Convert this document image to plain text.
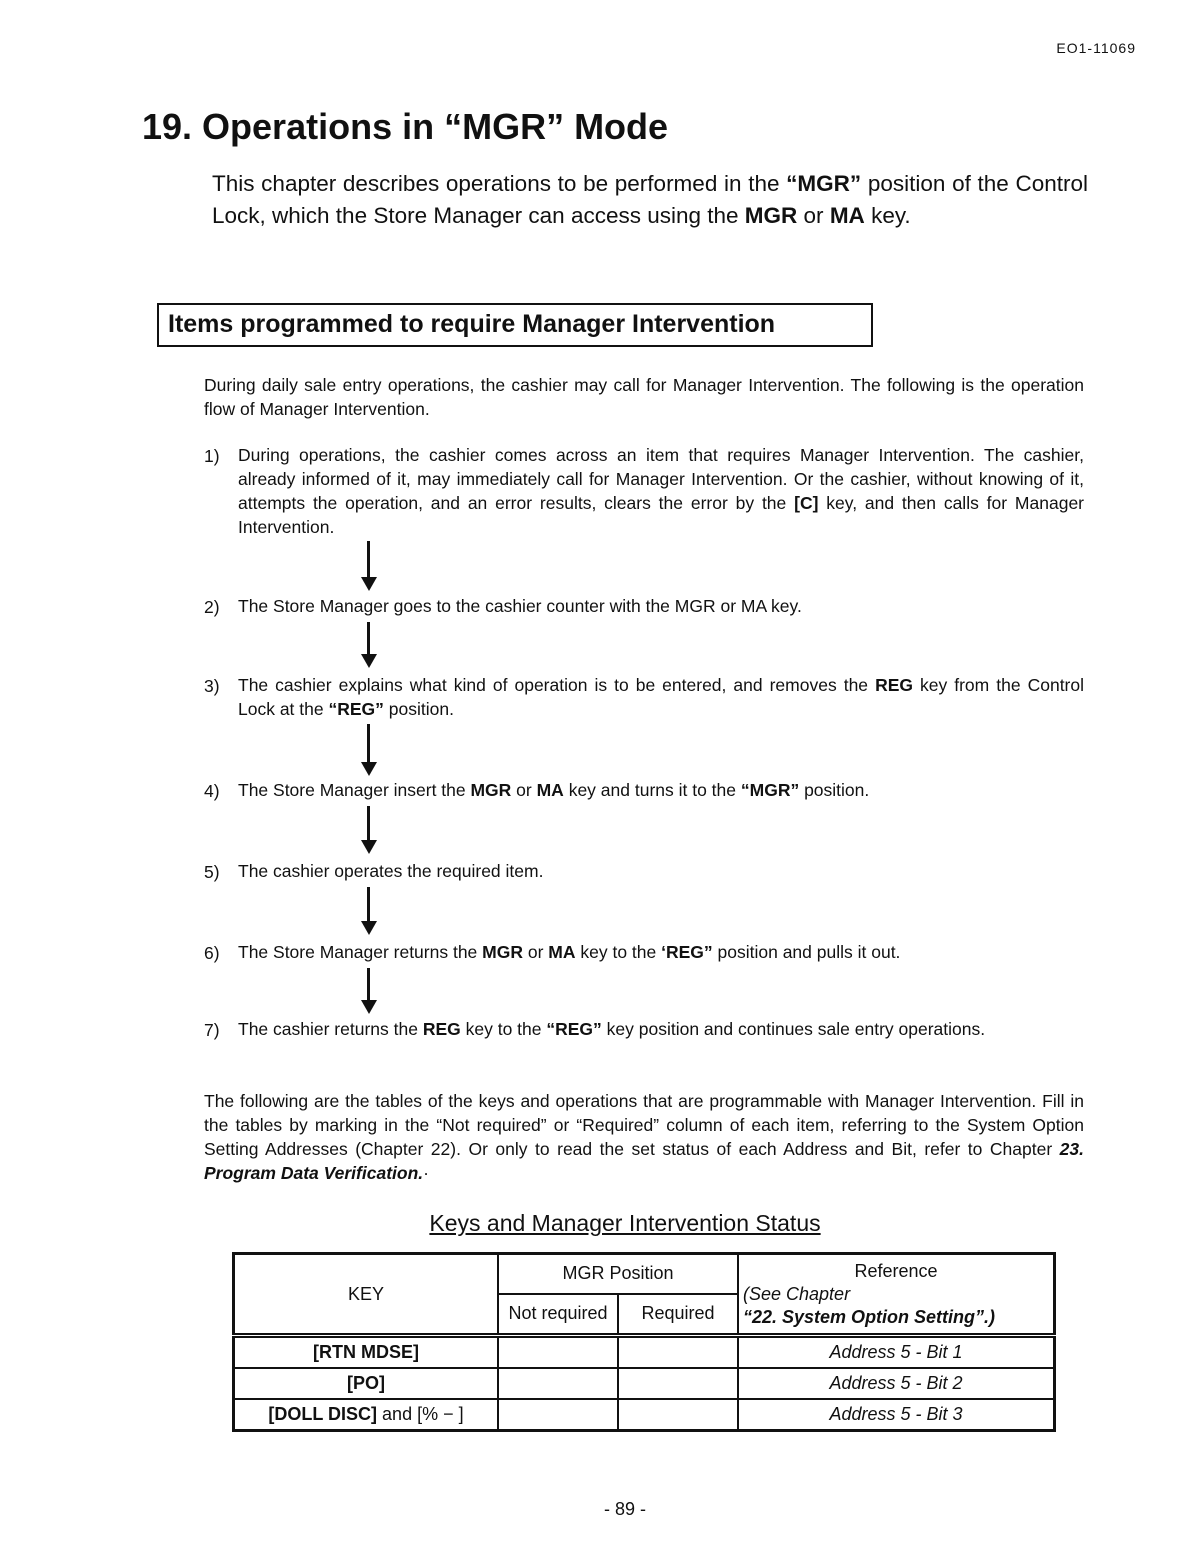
EO1-11069
19. Operations in “MGR” Mode

This chapter describes operations to be performed in the “MGR” position of the Control Lock, which the Store Manager can access using the MGR or MA key.

Items programmed to require Manager Intervention

During daily sale entry operations, the cashier may call for Manager Intervention. The following is the operation flow of Manager Intervention.

1) During operations, the cashier comes across an item that requires Manager Intervention. The cashier, already informed of it, may immediately call for Manager Intervention. Or the cashier, without knowing of it, attempts the operation, and an error results, clears the error by the [C] key, and then calls for Manager Intervention.

2) The Store Manager goes to the cashier counter with the MGR or MA key.

3) The cashier explains what kind of operation is to be entered, and removes the REG key from the Control Lock at the “REG” position.

4) The Store Manager insert the MGR or MA key and turns it to the “MGR” position.

5) The cashier operates the required item.

6) The Store Manager returns the MGR or MA key to the ‘REG” position and pulls it out.

7) The cashier returns the REG key to the “REG” key position and continues sale entry operations.

The following are the tables of the keys and operations that are programmable with Manager Intervention. Fill in the tables by marking in the “Not required” or “Required” column of each item, referring to the System Option Setting Addresses (Chapter 22). Or only to read the set status of each Address and Bit, refer to Chapter 23. Program Data Verification.·

Keys and Manager Intervention Status
KEY	MGR Position		Reference
(See Chapter
“22. System Option Setting”.)

	Not required	Required	
[RTN MDSE]			Address 5 - Bit 1
[PO]			Address 5 - Bit 2
[DOLL DISC] and [% − ]			Address 5 - Bit 3
- 89 -
